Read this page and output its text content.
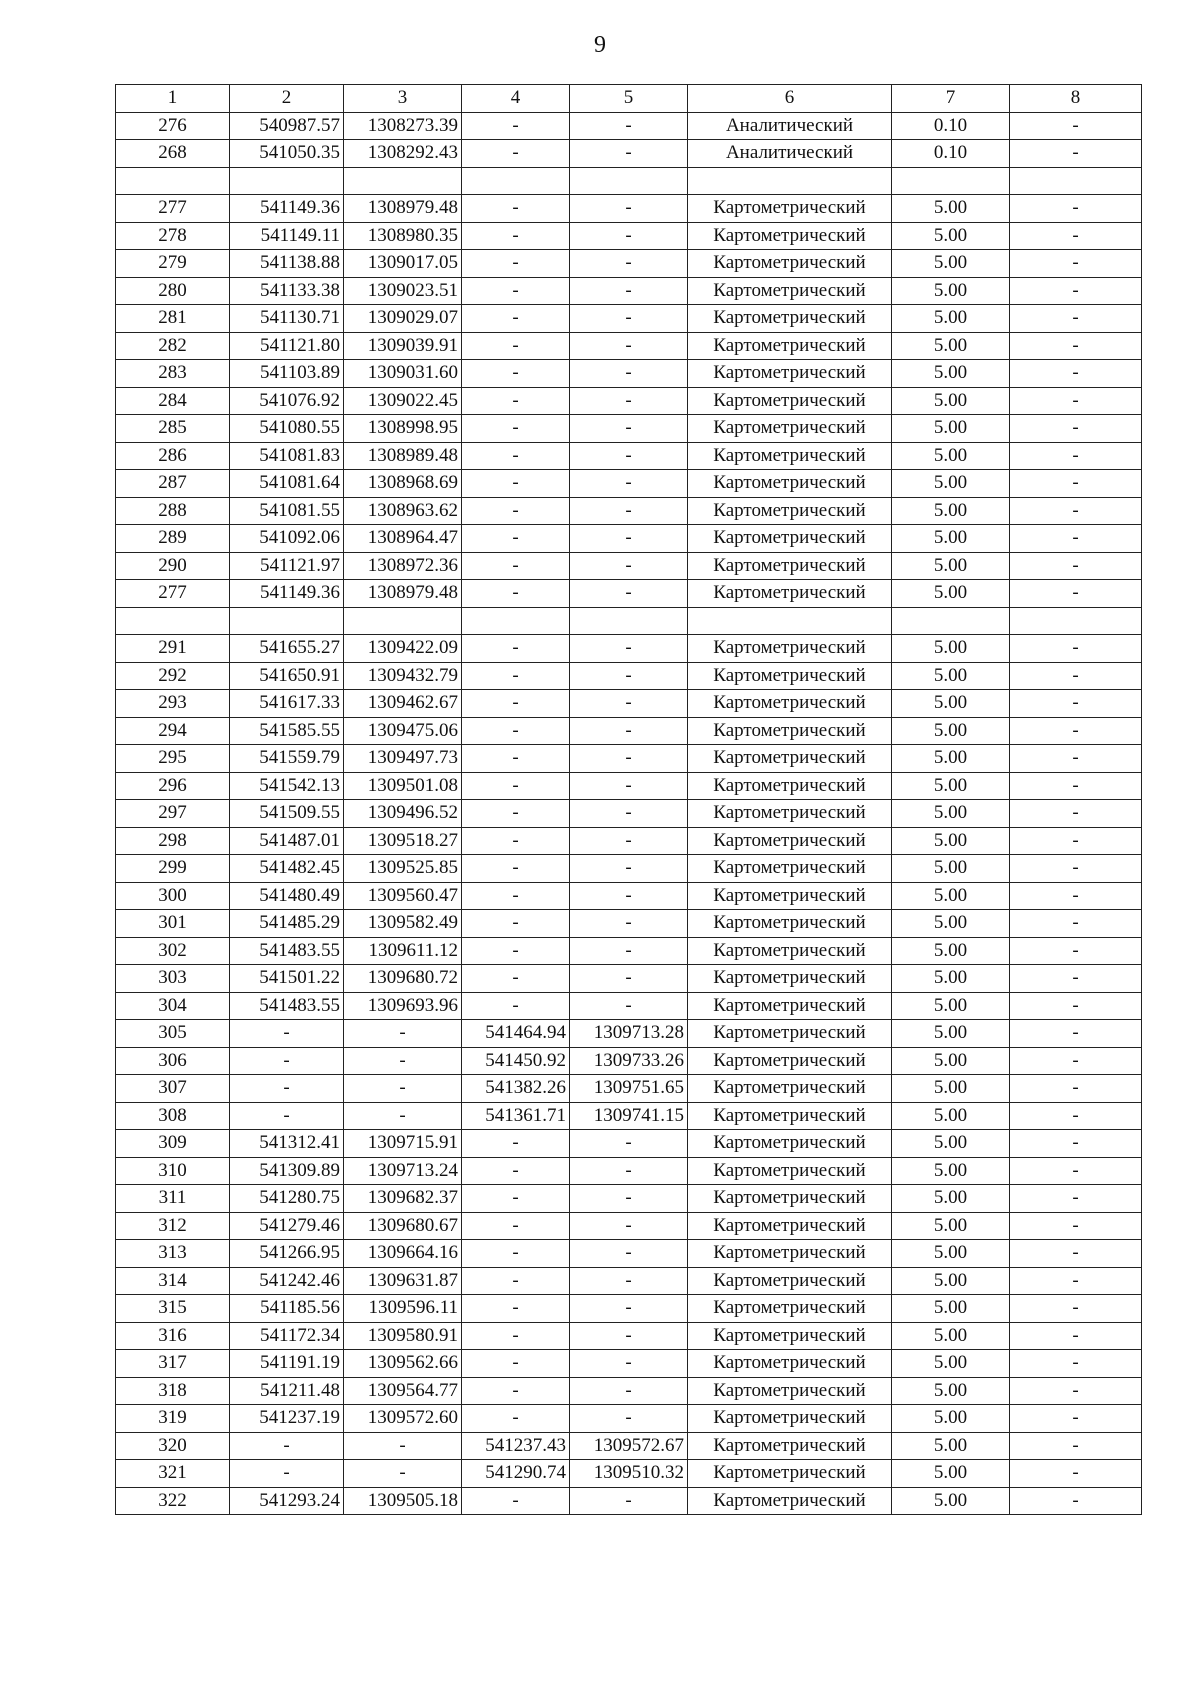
9
1	2	3	4	5	6	7	8
276	540987.57	1308273.39	-	-	Аналитический	0.10	-
268	541050.35	1308292.43	-	-	Аналитический	0.10	-

277	541149.36	1308979.48	-	-	Картометрический	5.00	-
278	541149.11	1308980.35	-	-	Картометрический	5.00	-
279	541138.88	1309017.05	-	-	Картометрический	5.00	-
280	541133.38	1309023.51	-	-	Картометрический	5.00	-
281	541130.71	1309029.07	-	-	Картометрический	5.00	-
282	541121.80	1309039.91	-	-	Картометрический	5.00	-
283	541103.89	1309031.60	-	-	Картометрический	5.00	-
284	541076.92	1309022.45	-	-	Картометрический	5.00	-
285	541080.55	1308998.95	-	-	Картометрический	5.00	-
286	541081.83	1308989.48	-	-	Картометрический	5.00	-
287	541081.64	1308968.69	-	-	Картометрический	5.00	-
288	541081.55	1308963.62	-	-	Картометрический	5.00	-
289	541092.06	1308964.47	-	-	Картометрический	5.00	-
290	541121.97	1308972.36	-	-	Картометрический	5.00	-
277	541149.36	1308979.48	-	-	Картометрический	5.00	-

291	541655.27	1309422.09	-	-	Картометрический	5.00	-
292	541650.91	1309432.79	-	-	Картометрический	5.00	-
293	541617.33	1309462.67	-	-	Картометрический	5.00	-
294	541585.55	1309475.06	-	-	Картометрический	5.00	-
295	541559.79	1309497.73	-	-	Картометрический	5.00	-
296	541542.13	1309501.08	-	-	Картометрический	5.00	-
297	541509.55	1309496.52	-	-	Картометрический	5.00	-
298	541487.01	1309518.27	-	-	Картометрический	5.00	-
299	541482.45	1309525.85	-	-	Картометрический	5.00	-
300	541480.49	1309560.47	-	-	Картометрический	5.00	-
301	541485.29	1309582.49	-	-	Картометрический	5.00	-
302	541483.55	1309611.12	-	-	Картометрический	5.00	-
303	541501.22	1309680.72	-	-	Картометрический	5.00	-
304	541483.55	1309693.96	-	-	Картометрический	5.00	-
305	-	-	541464.94	1309713.28	Картометрический	5.00	-
306	-	-	541450.92	1309733.26	Картометрический	5.00	-
307	-	-	541382.26	1309751.65	Картометрический	5.00	-
308	-	-	541361.71	1309741.15	Картометрический	5.00	-
309	541312.41	1309715.91	-	-	Картометрический	5.00	-
310	541309.89	1309713.24	-	-	Картометрический	5.00	-
311	541280.75	1309682.37	-	-	Картометрический	5.00	-
312	541279.46	1309680.67	-	-	Картометрический	5.00	-
313	541266.95	1309664.16	-	-	Картометрический	5.00	-
314	541242.46	1309631.87	-	-	Картометрический	5.00	-
315	541185.56	1309596.11	-	-	Картометрический	5.00	-
316	541172.34	1309580.91	-	-	Картометрический	5.00	-
317	541191.19	1309562.66	-	-	Картометрический	5.00	-
318	541211.48	1309564.77	-	-	Картометрический	5.00	-
319	541237.19	1309572.60	-	-	Картометрический	5.00	-
320	-	-	541237.43	1309572.67	Картометрический	5.00	-
321	-	-	541290.74	1309510.32	Картометрический	5.00	-
322	541293.24	1309505.18	-	-	Картометрический	5.00	-
